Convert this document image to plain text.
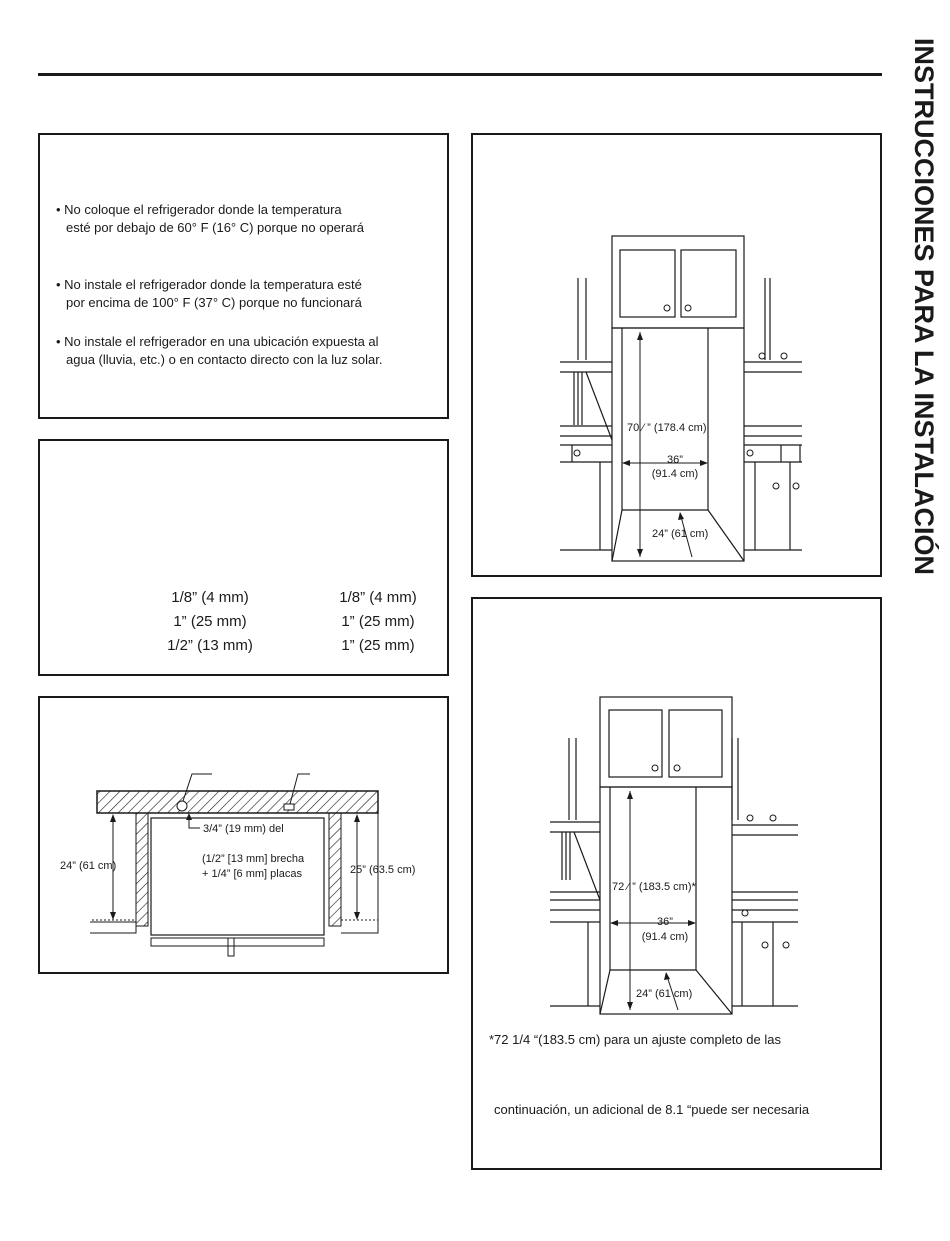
INSTRUCCIONES PARA LA INSTALACIÓN
• No coloque el refrigerador donde la temperatura
esté por debajo de 60° F (16° C) porque no operará
• No instale el refrigerador donde la temperatura esté
por encima de 100° F (37° C) porque no funcionará
• No instale el refrigerador en una ubicación expuesta al
agua (lluvia, etc.) o en contacto directo con la luz solar.
1/8” (4 mm)	1/8” (4 mm)
1” (25 mm)	1” (25 mm)
1/2” (13 mm)	1” (25 mm)
3/4” (19 mm) del
(1/2” [13 mm] brecha
+ 1/4” [6 mm] placas
24” (61 cm)	25” (63.5 cm)
70 ⁄ ” (178.4 cm)
36”
(91.4 cm)
24” (61 cm)
72 ⁄ ” (183.5 cm)*
36”
(91.4 cm)
24” (61 cm)
*72 1/4 “(183.5 cm) para un ajuste completo de las
continuación, un adicional de 8.1 “puede ser necesaria
